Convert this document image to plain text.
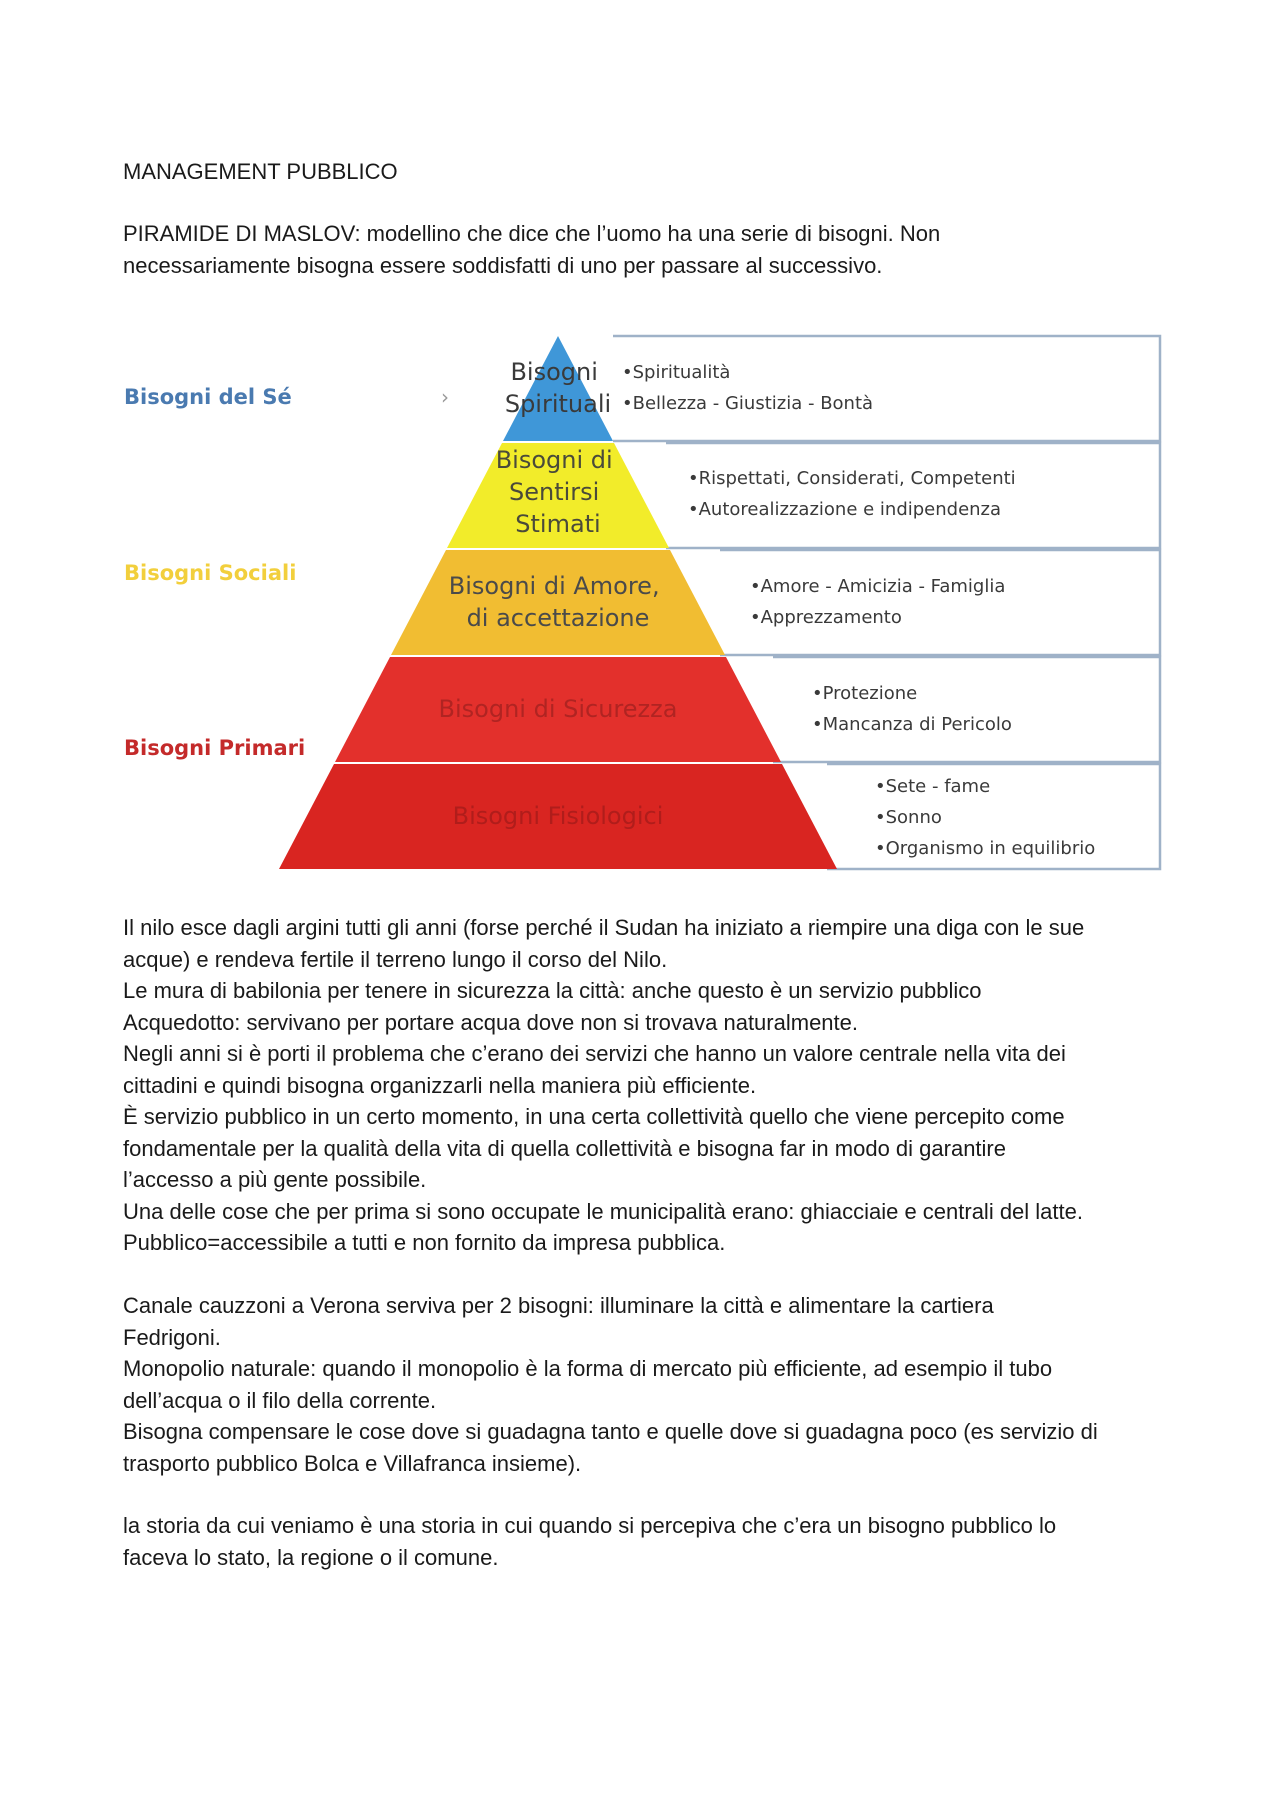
MANAGEMENT PUBBLICO

PIRAMIDE DI MASLOV: modellino che dice che l’uomo ha una serie di bisogni. Non

necessariamente bisogna essere soddisfatti di uno per passare al successivo.

Bisogni Spirituali
Bisogni di Sentirsi Stimati
Bisogni di Amore, di accettazione
Bisogni di Sicurezza
Bisogni Fisiologici
•Spiritualità •Bellezza - Giustizia - Bontà
•Rispettati, Considerati, Competenti •Autorealizzazione e indipendenza
•Amore - Amicizia - Famiglia •Apprezzamento
•Protezione •Mancanza di Pericolo
•Sete - fame •Sonno •Organismo in equilibrio
Bisogni del Sé
Bisogni Sociali
Bisogni Primari
›

Il nilo esce dagli argini tutti gli anni (forse perché il Sudan ha iniziato a riempire una diga con le sue

acque) e rendeva fertile il terreno lungo il corso del Nilo.

Le mura di babilonia per tenere in sicurezza la città: anche questo è un servizio pubblico

Acquedotto: servivano per portare acqua dove non si trovava naturalmente.

Negli anni si è porti il problema che c’erano dei servizi che hanno un valore centrale nella vita dei

cittadini e quindi bisogna organizzarli nella maniera più efficiente.

È servizio pubblico in un certo momento, in una certa collettività quello che viene percepito come

fondamentale per la qualità della vita di quella collettività e bisogna far in modo di garantire

l’accesso a più gente possibile.

Una delle cose che per prima si sono occupate le municipalità erano: ghiacciaie e centrali del latte.

Pubblico=accessibile a tutti e non fornito da impresa pubblica.

Canale cauzzoni a Verona serviva per 2 bisogni: illuminare la città e alimentare la cartiera

Fedrigoni.

Monopolio naturale: quando il monopolio è la forma di mercato più efficiente, ad esempio il tubo

dell’acqua o il filo della corrente.

Bisogna compensare le cose dove si guadagna tanto e quelle dove si guadagna poco (es servizio di

trasporto pubblico Bolca e Villafranca insieme).

la storia da cui veniamo è una storia in cui quando si percepiva che c’era un bisogno pubblico lo

faceva lo stato, la regione o il comune.
